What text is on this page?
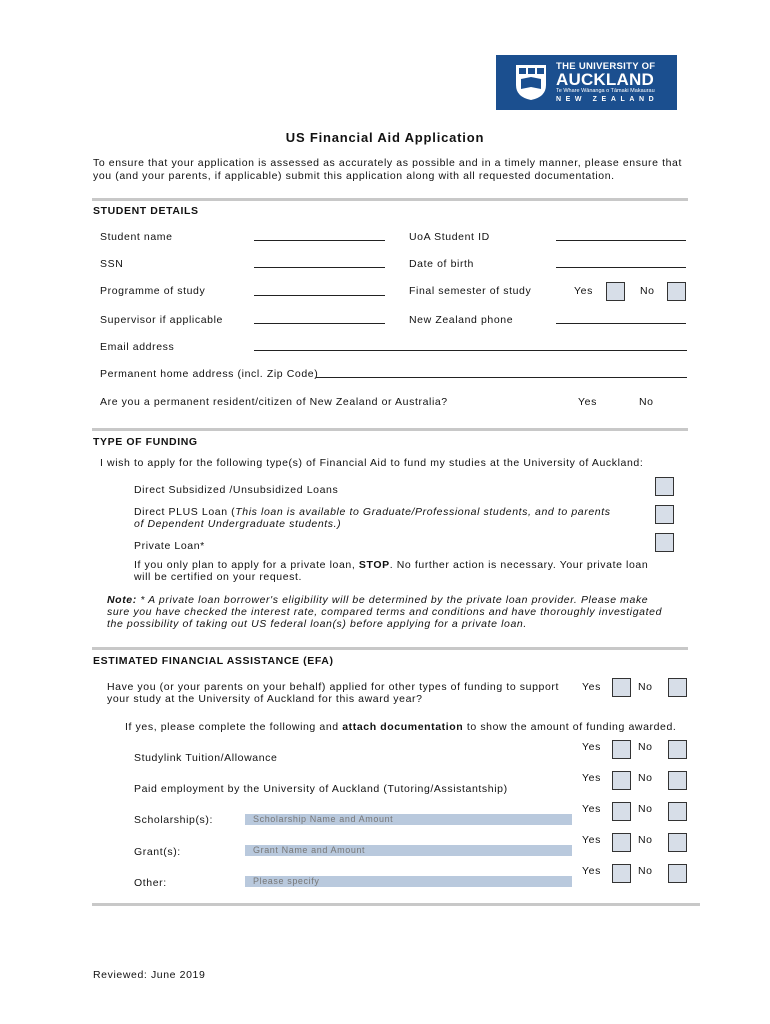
THE UNIVERSITY OF
AUCKLAND
Te Whare Wānanga o Tāmaki Makaurau
NEW ZEALAND
US Financial Aid Application
To ensure that your application is assessed as accurately as possible and in a timely manner, please ensure that
you (and your parents, if applicable) submit this application along with all requested documentation.
STUDENT DETAILS
Student name	UoA Student ID
SSN	Date of birth
Programme of study	Final semester of study	Yes	No
Supervisor if applicable	New Zealand phone
Email address
Permanent home address (incl. Zip Code)
Are you a permanent resident/citizen of New Zealand or Australia?	Yes	No
TYPE OF FUNDING
I wish to apply for the following type(s) of Financial Aid to fund my studies at the University of Auckland:
Direct Subsidized /Unsubsidized Loans
Direct PLUS Loan (This loan is available to Graduate/Professional students, and to parents
of Dependent Undergraduate students.)
Private Loan*
If you only plan to apply for a private loan, STOP. No further action is necessary. Your private loan
will be certified on your request.
Note: * A private loan borrower's eligibility will be determined by the private loan provider. Please make
sure you have checked the interest rate, compared terms and conditions and have thoroughly investigated
the possibility of taking out US federal loan(s) before applying for a private loan.
ESTIMATED FINANCIAL ASSISTANCE (EFA)
Have you (or your parents on your behalf) applied for other types of funding to support
your study at the University of Auckland for this award year?
Yes	No
If yes, please complete the following and attach documentation to show the amount of funding awarded.
Yes	No
Studylink Tuition/Allowance
Yes	No
Paid employment by the University of Auckland (Tutoring/Assistantship)
Yes	No
Scholarship(s):	Scholarship Name and Amount
Yes	No
Grant(s):	Grant Name and Amount
Yes	No
Other:	Please specify
Reviewed: June 2019
